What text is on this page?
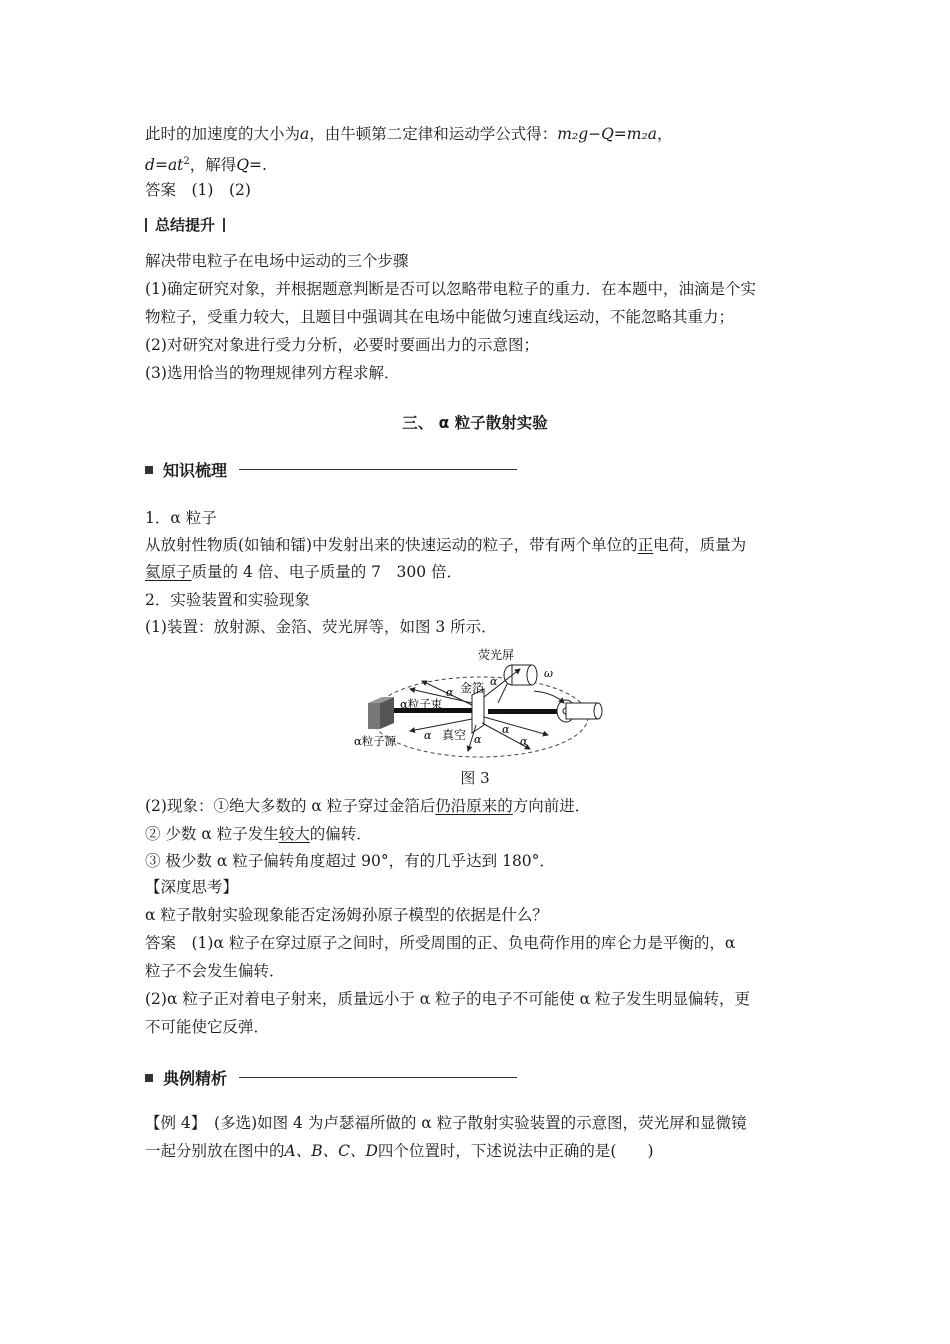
此时的加速度的大小为a，由牛顿第二定律和运动学公式得：m₂g−Q=m₂a，
$d=at^2$，解得Q=.
答案　(1)　(2)
总结提升
解决带电粒子在电场中运动的三个步骤
(1)确定研究对象，并根据题意判断是否可以忽略带电粒子的重力．在本题中，油滴是个实
物粒子，受重力较大，且题目中强调其在电场中能做匀速直线运动，不能忽略其重力；
(2)对研究对象进行受力分析，必要时要画出力的示意图；
(3)选用恰当的物理规律列方程求解．
三、 α 粒子散射实验
知识梳理
1．α 粒子
从放射性物质(如铀和镭)中发射出来的快速运动的粒子，带有两个单位的正电荷，质量为
氦原子质量的 4 倍、电子质量的 7　300 倍．
2．实验装置和实验现象
(1)装置：放射源、金箔、荧光屏等，如图 3 所示．
荧光屏
金箔
α粒子束
α粒子源	真空
α
α	α
α
α
α
ω
图 3
(2)现象：①绝大多数的 α 粒子穿过金箔后仍沿原来的方向前进．
② 少数 α 粒子发生较大的偏转．
③ 极少数 α 粒子偏转角度超过 90°，有的几乎达到 180°．
【深度思考】
α 粒子散射实验现象能否定汤姆孙原子模型的依据是什么？
答案　(1)α 粒子在穿过原子之间时，所受周围的正、负电荷作用的库仑力是平衡的，α
粒子不会发生偏转．
(2)α 粒子正对着电子射来，质量远小于 α 粒子的电子不可能使 α 粒子发生明显偏转，更
不可能使它反弹．
典例精析
【例 4】　(多选)如图 4 为卢瑟福所做的 α 粒子散射实验装置的示意图，荧光屏和显微镜
一起分别放在图中的A、B、C、D四个位置时，下述说法中正确的是(　　)
